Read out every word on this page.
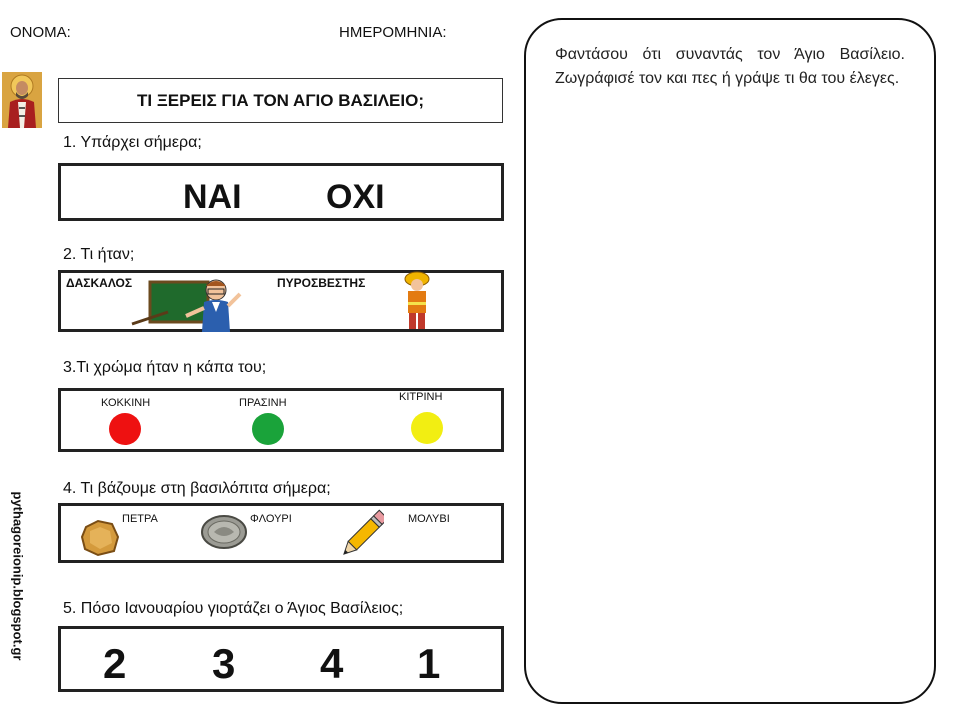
ΟΝΟΜΑ:	ΗΜΕΡΟΜΗΝΙΑ:
ΤΙ ΞΕΡΕΙΣ ΓΙΑ ΤΟΝ ΑΓΙΟ ΒΑΣΙΛΕΙΟ;
1. Υπάρχει σήμερα;
ΝΑΙ ΟΧΙ
2. Τι ήταν;
ΔΑΣΚΑΛΟΣ	ΠΥΡΟΣΒΕΣΤΗΣ
3.Τι χρώμα ήταν η κάπα του;
ΚΟΚΚΙΝΗ	ΠΡΑΣΙΝΗ	ΚΙΤΡΙΝΗ
4. Τι βάζουμε στη βασιλόπιτα σήμερα;
ΠΕΤΡΑ	ΦΛΟΥΡΙ	ΜΟΛΥΒΙ
5. Πόσο Ιανουαρίου γιορτάζει ο Άγιος Βασίλειος;
2 3 4 1
pythagoreionip.blogspot.gr
Φαντάσου ότι συναντάς τον Άγιο Βασίλειο. Ζωγράφισέ τον και πες ή γράψε τι θα του έλεγες.
